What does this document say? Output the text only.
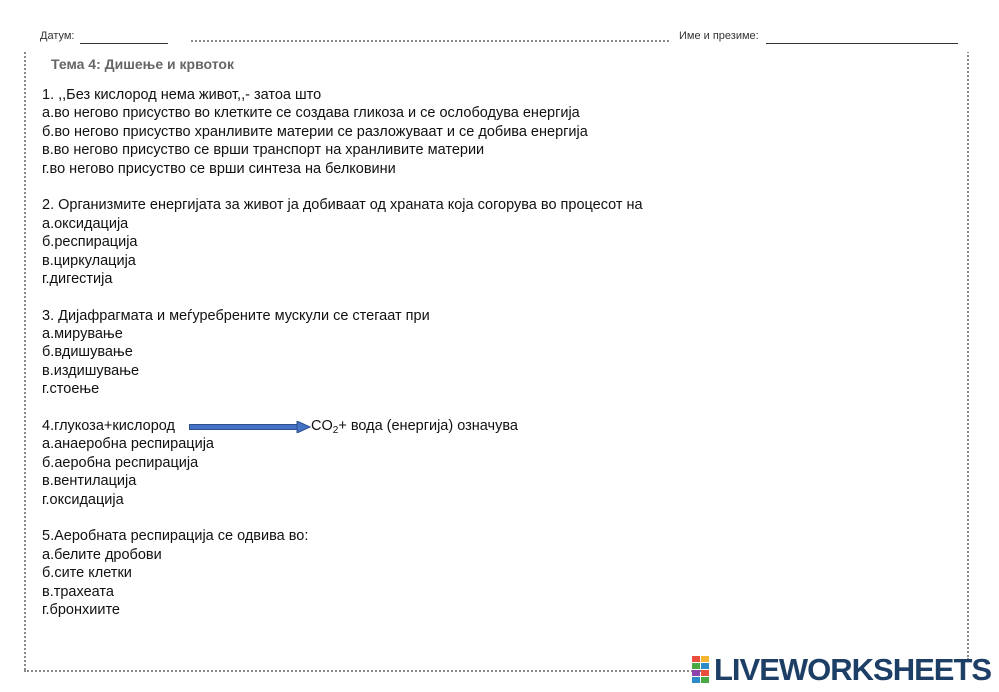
Датум:	Име и презиме:
Тема 4: Дишење и крвоток
1. ,,Без кислород нема живот,,- затоа што
а.во негово присуство во клетките се создава гликоза и се ослободува енергија
б.во негово присуство хранливите материи се разложуваат и се добива енергија
в.во негово присуство се врши транспорт на хранливите материи
г.во негово присуство се врши синтеза на белковини
2. Организмите енергијата за живот ја добиваат од храната која согорува во процесот на
а.оксидација
б.респирација
в.циркулација
г.дигестија
3. Дијафрагмата и меѓуребрените мускули се стегаат при
а.мирување
б.вдишување
в.издишување
г.стоење
4.глукоза+кислород	$CO_2+$ вода (енергија) означува
а.анаеробна респирација
б.аеробна респирација
в.вентилација
г.оксидација
5.Аеробната респирација се одвива во:
а.белите дробови
б.сите клетки
в.трахеата
г.бронхиите
LIVEWORKSHEETS
